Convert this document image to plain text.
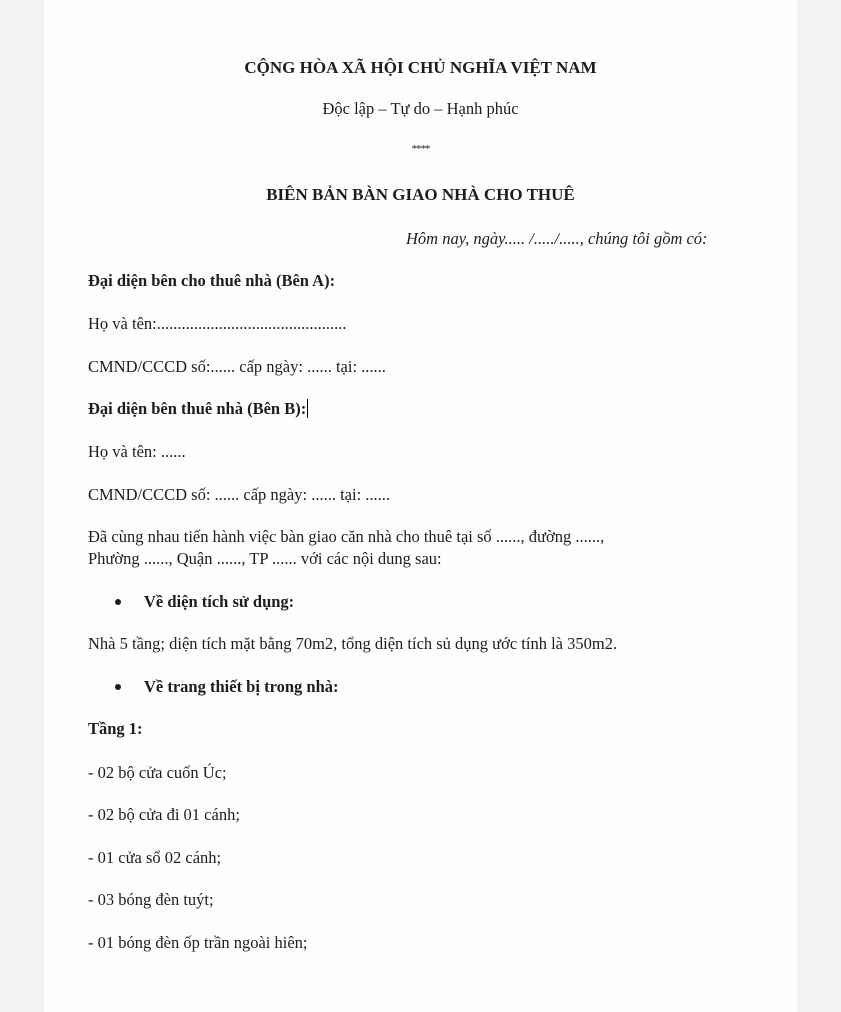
CỘNG HÒA XÃ HỘI CHỦ NGHĨA VIỆT NAM
Độc lập – Tự do – Hạnh phúc
****
BIÊN BẢN BÀN GIAO NHÀ CHO THUÊ
Hôm nay, ngày..... /...../....., chúng tôi gồm có:
Đại diện bên cho thuê nhà (Bên A):
Họ và tên:..............................................
CMND/CCCD số:...... cấp ngày: ...... tại: ......
Đại diện bên thuê nhà (Bên B):
Họ và tên: ......
CMND/CCCD số: ...... cấp ngày: ...... tại: ......
Đã cùng nhau tiến hành việc bàn giao căn nhà cho thuê tại số ......, đường ......,
Phường ......, Quận ......, TP ...... với các nội dung sau:
Về diện tích sử dụng:
Nhà 5 tầng; diện tích mặt bằng 70m2, tổng diện tích sủ dụng ước tính là 350m2.
Về trang thiết bị trong nhà:
Tầng 1:
- 02 bộ cửa cuốn Úc;
- 02 bộ cửa đi 01 cánh;
- 01 cửa sổ 02 cánh;
- 03 bóng đèn tuýt;
- 01 bóng đèn ốp trần ngoài hiên;
